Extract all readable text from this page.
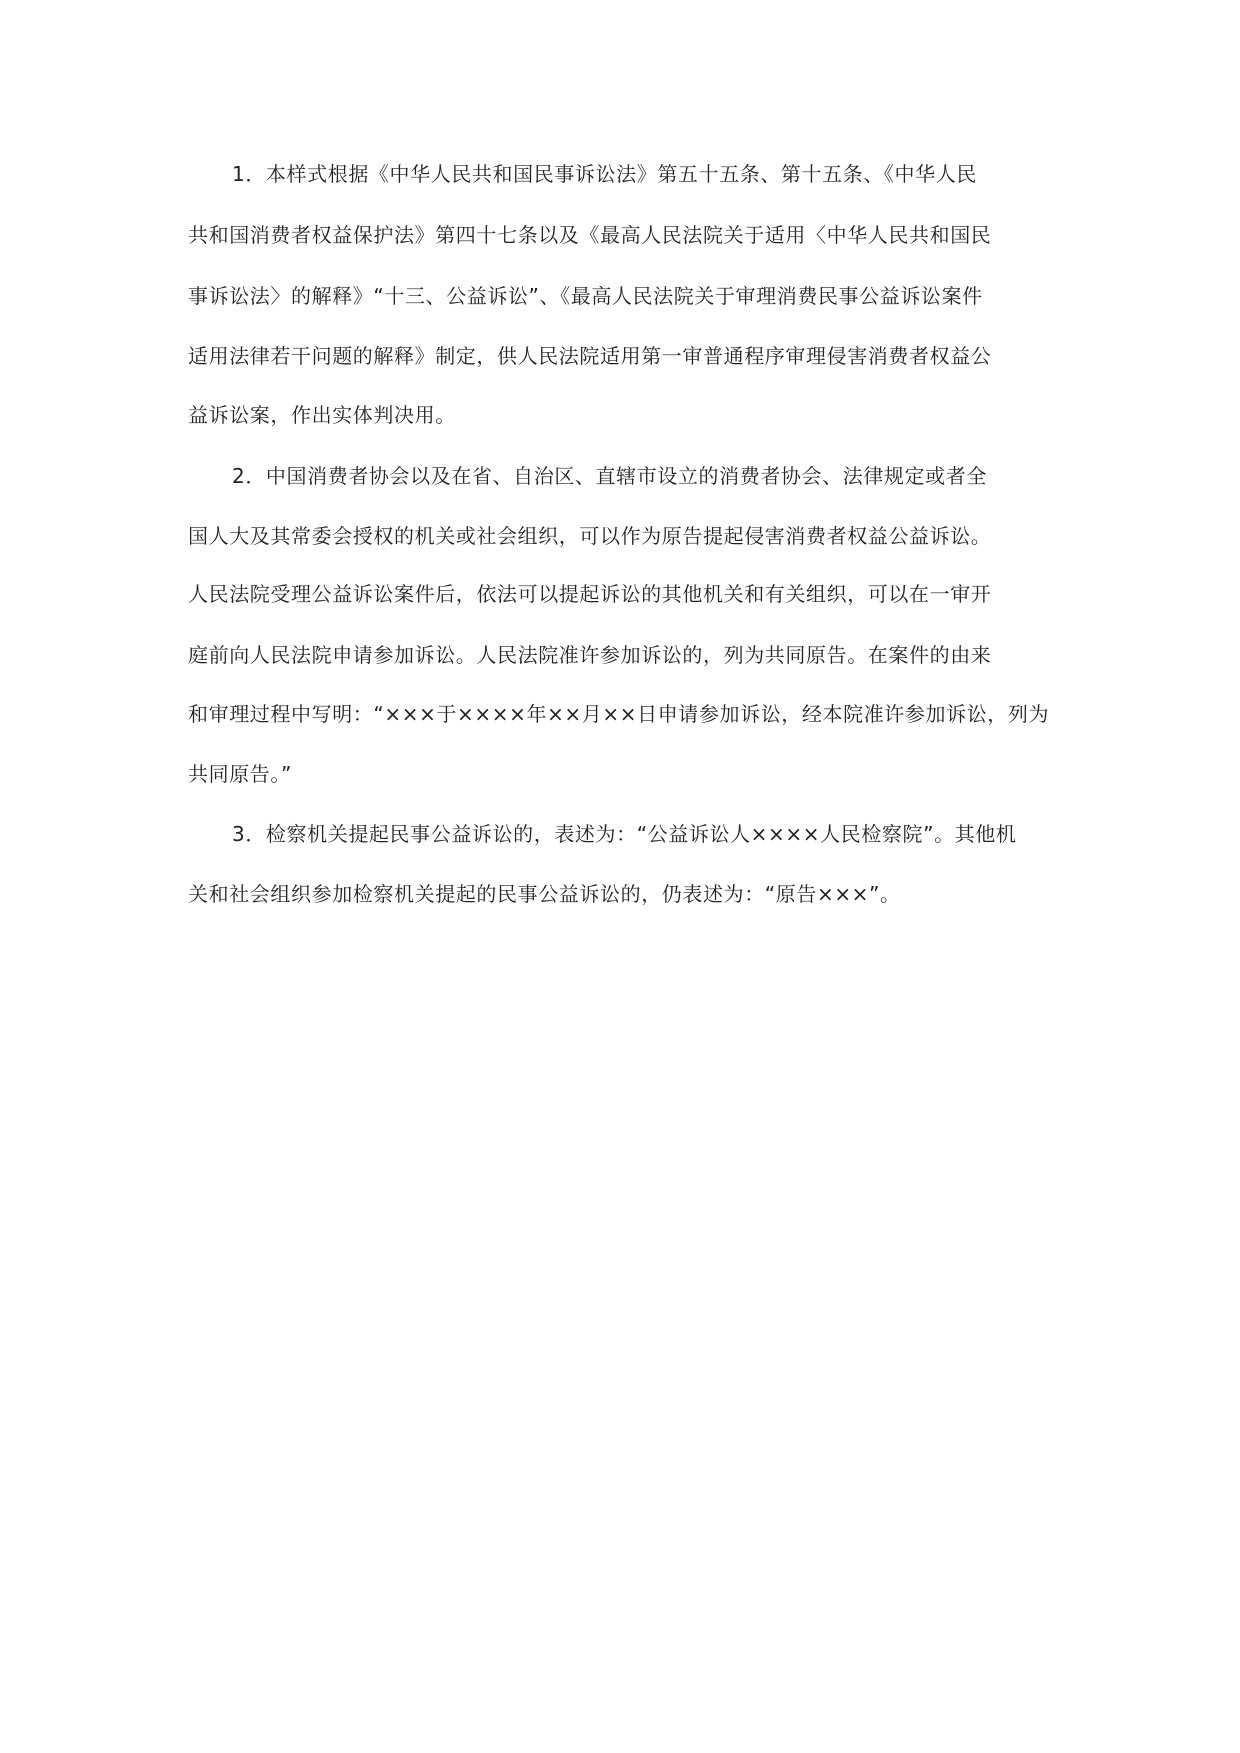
1．本样式根据《中华人民共和国民事诉讼法》第五十五条、第十五条、《中华人民
共和国消费者权益保护法》第四十七条以及《最高人民法院关于适用〈中华人民共和国民
事诉讼法〉的解释》“十三、公益诉讼”、《最高人民法院关于审理消费民事公益诉讼案件
适用法律若干问题的解释》制定，供人民法院适用第一审普通程序审理侵害消费者权益公
益诉讼案，作出实体判决用。
2．中国消费者协会以及在省、自治区、直辖市设立的消费者协会、法律规定或者全
国人大及其常委会授权的机关或社会组织，可以作为原告提起侵害消费者权益公益诉讼。
人民法院受理公益诉讼案件后，依法可以提起诉讼的其他机关和有关组织，可以在一审开
庭前向人民法院申请参加诉讼。人民法院准许参加诉讼的，列为共同原告。在案件的由来
和审理过程中写明：“×××于××××年××月××日申请参加诉讼，经本院准许参加诉讼，列为
共同原告。”
3．检察机关提起民事公益诉讼的，表述为：“公益诉讼人××××人民检察院”。其他机
关和社会组织参加检察机关提起的民事公益诉讼的，仍表述为：“原告×××”。
